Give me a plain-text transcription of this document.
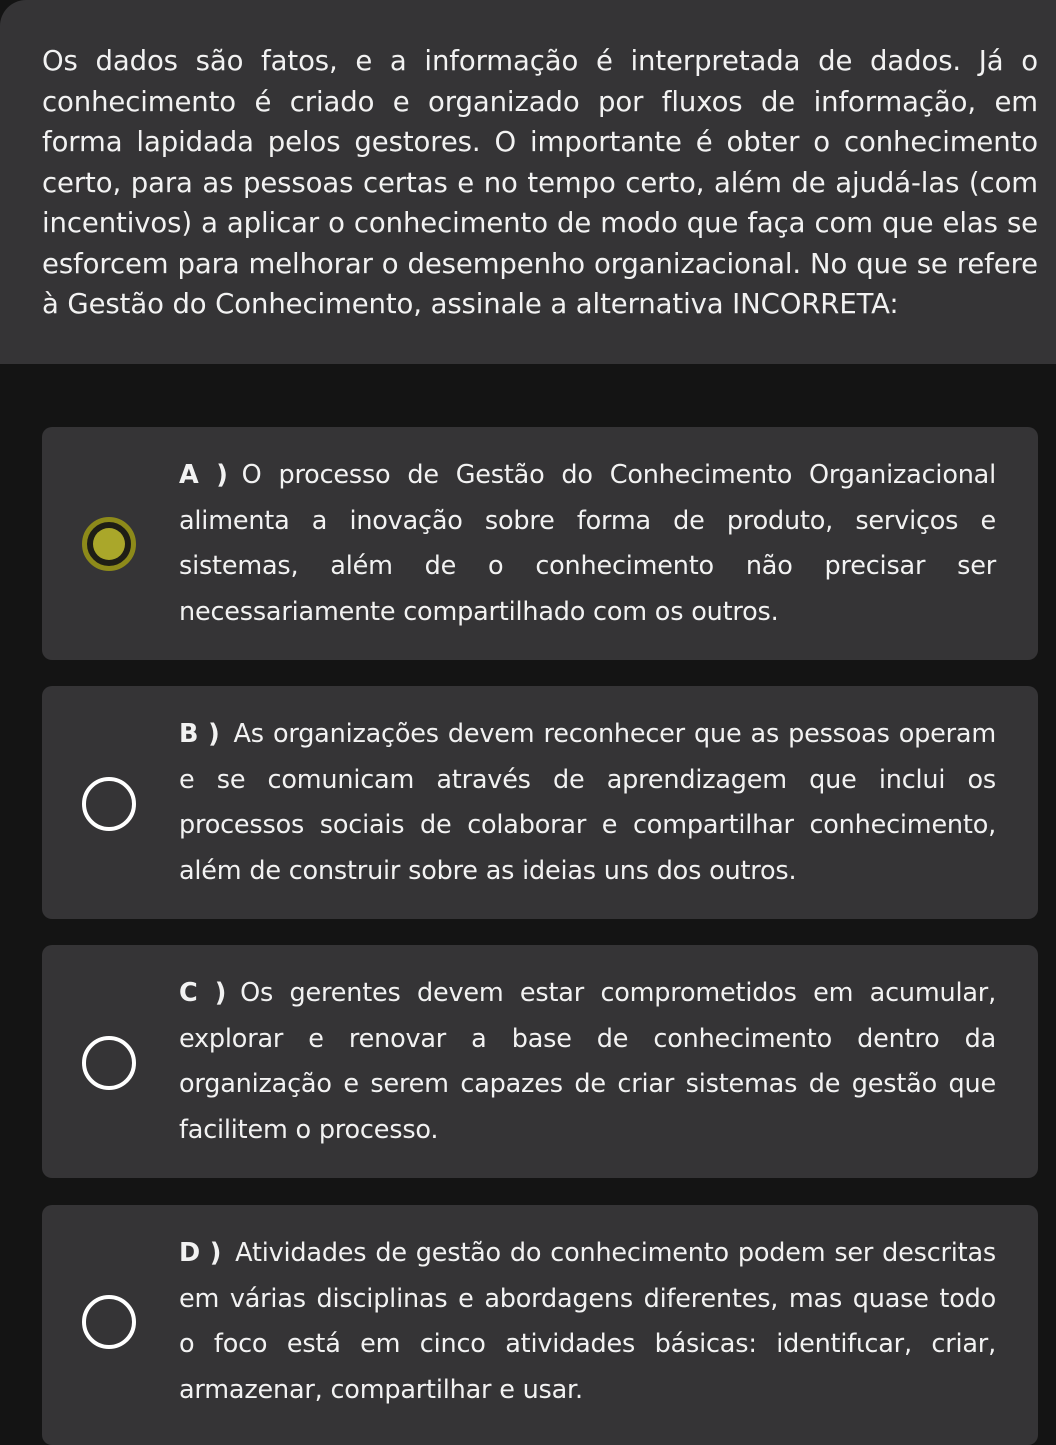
Os dados são fatos, e a informação é interpretada de dados. Já o conhecimento é criado e organizado por fluxos de informação, em forma lapidada pelos gestores. O importante é obter o conhecimento certo, para as pessoas certas e no tempo certo, além de ajudá-las (com incentivos) a aplicar o conhecimento de modo que faça com que elas se esforcem para melhorar o desempenho organizacional. No que se refere à Gestão do Conhecimento, assinale a alternativa INCORRETA:

A ) O processo de Gestão do Conhecimento Organizacional alimenta a inovação sobre forma de produto, serviços e sistemas, além de o conhecimento não precisar ser necessariamente compartilhado com os outros.

B ) As organizações devem reconhecer que as pessoas operam e se comunicam através de aprendizagem que inclui os processos sociais de colaborar e compartilhar conhecimento, além de construir sobre as ideias uns dos outros.

C ) Os gerentes devem estar comprometidos em acumular, explorar e renovar a base de conhecimento dentro da organização e serem capazes de criar sistemas de gestão que facilitem o processo.

D ) Atividades de gestão do conhecimento podem ser descritas em várias disciplinas e abordagens diferentes, mas quase todo o foco está em cinco atividades básicas: identifιcar, criar, armazenar, compartilhar e usar.
